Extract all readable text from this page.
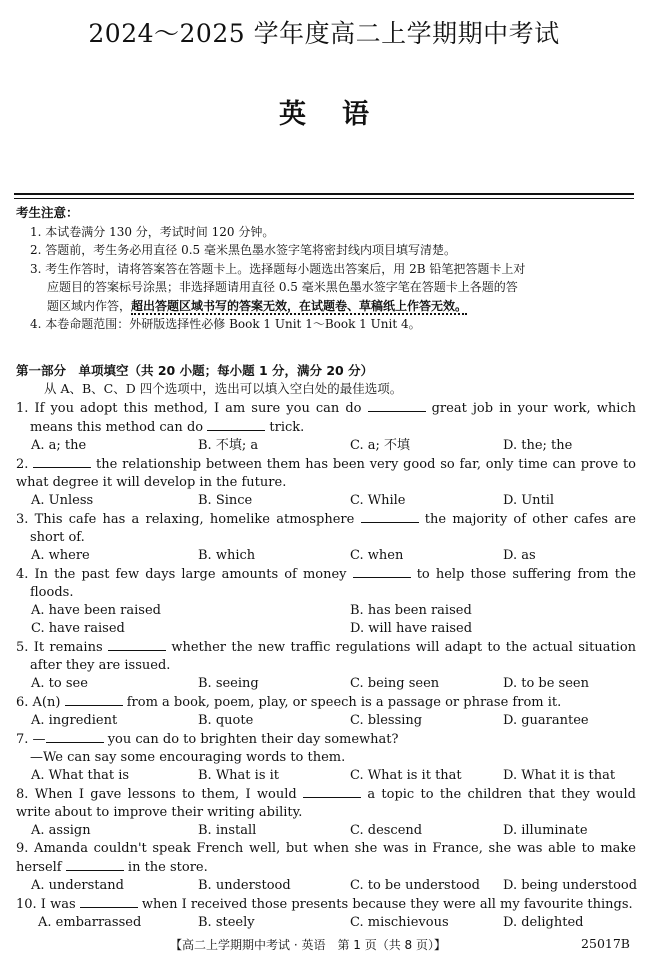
2024～2025 学年度高二上学期期中考试
英语
考生注意：
1. 本试卷满分 130 分，考试时间 120 分钟。
2. 答题前，考生务必用直径 0.5 毫米黑色墨水签字笔将密封线内项目填写清楚。
3. 考生作答时，请将答案答在答题卡上。选择题每小题选出答案后，用 2B 铅笔把答题卡上对
应题目的答案标号涂黑；非选择题请用直径 0.5 毫米黑色墨水签字笔在答题卡上各题的答
题区域内作答，超出答题区域书写的答案无效，在试题卷、草稿纸上作答无效。
4. 本卷命题范围：外研版选择性必修 Book 1 Unit 1～Book 1 Unit 4。
第一部分　单项填空（共 20 小题；每小题 1 分，满分 20 分）
从 A、B、C、D 四个选项中，选出可以填入空白处的最佳选项。
1. If you adopt this method, I am sure you can do	great job in your work, which
means this method can do	trick.
A. a; the	B. 不填; a	C. a; 不填	D. the; the
2.	the relationship between them has been very good so far, only time can prove to
what degree it will develop in the future.
A. Unless	B. Since	C. While	D. Until
3. This cafe has a relaxing, homelike atmosphere	the majority of other cafes are
short of.
A. where	B. which	C. when	D. as
4. In the past few days large amounts of money	to help those suffering from the
floods.
A. have been raised	B. has been raised
C. have raised	D. will have raised
5. It remains	whether the new traffic regulations will adapt to the actual situation
after they are issued.
A. to see	B. seeing	C. being seen	D. to be seen
6. A(n)	from a book, poem, play, or speech is a passage or phrase from it.
A. ingredient	B. quote	C. blessing	D. guarantee
7. —	you can do to brighten their day somewhat?
—We can say some encouraging words to them.
A. What that is	B. What is it	C. What is it that	D. What it is that
8. When I gave lessons to them, I would	a topic to the children that they would
write about to improve their writing ability.
A. assign	B. install	C. descend	D. illuminate
9. Amanda couldn't speak French well, but when she was in France, she was able to make
herself	in the store.
A. understand	B. understood	C. to be understood D. being understood
10. I was	when I received those presents because they were all my favourite things.
A. embarrassed	B. steely	C. mischievous	D. delighted
【高二上学期期中考试 · 英语　第 1 页（共 8 页）】	25017B
